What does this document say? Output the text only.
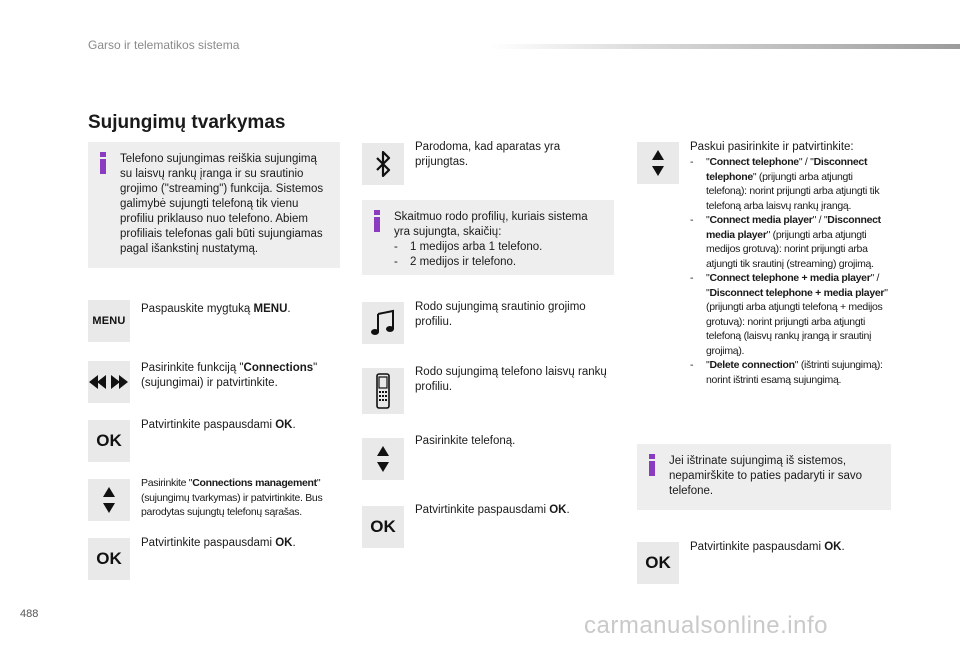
Garso ir telematikos sistema
Sujungimų tvarkymas
Telefono sujungimas reiškia sujungimą su laisvų rankų įranga ir su srautinio grojimo ("streaming") funkcija. Sistemos galimybė sujungti telefoną tik vienu profiliu priklauso nuo telefono. Abiem profiliais telefonas gali būti sujungiamas pagal išankstinį nustatymą.
MENU
Paspauskite mygtuką MENU.
Pasirinkite funkciją "Connections" (sujungimai) ir patvirtinkite.
OK
Patvirtinkite paspausdami OK.
Pasirinkite "Connections management" (sujungimų tvarkymas) ir patvirtinkite. Bus parodytas sujungtų telefonų sąrašas.
OK
Patvirtinkite paspausdami OK.
Parodoma, kad aparatas yra prijungtas.
Skaitmuo rodo profilių, kuriais sistema yra sujungta, skaičių:
- 1 medijos arba 1 telefono.
- 2 medijos ir telefono.
Rodo sujungimą srautinio grojimo profiliu.
Rodo sujungimą telefono laisvų rankų profiliu.
Pasirinkite telefoną.
OK
Patvirtinkite paspausdami OK.
Paskui pasirinkite ir patvirtinkite:
- "Connect telephone" / "Disconnect telephone" (prijungti arba atjungti telefoną): norint prijungti arba atjungti tik telefoną arba laisvų rankų įrangą.
- "Connect media player" / "Disconnect media player" (prijungti arba atjungti medijos grotuvą): norint prijungti arba atjungti tik srautinį (streaming) grojimą.
- "Connect telephone + media player" / "Disconnect telephone + media player" (prijungti arba atjungti telefoną + medijos grotuvą): norint prijungti arba atjungti telefoną (laisvų rankų įrangą ir srautinį grojimą).
- "Delete connection" (ištrinti sujungimą): norint ištrinti esamą sujungimą.
Jei ištrinate sujungimą iš sistemos, nepamirškite to paties padaryti ir savo telefone.
OK
Patvirtinkite paspausdami OK.
488	carmanualsonline.info
